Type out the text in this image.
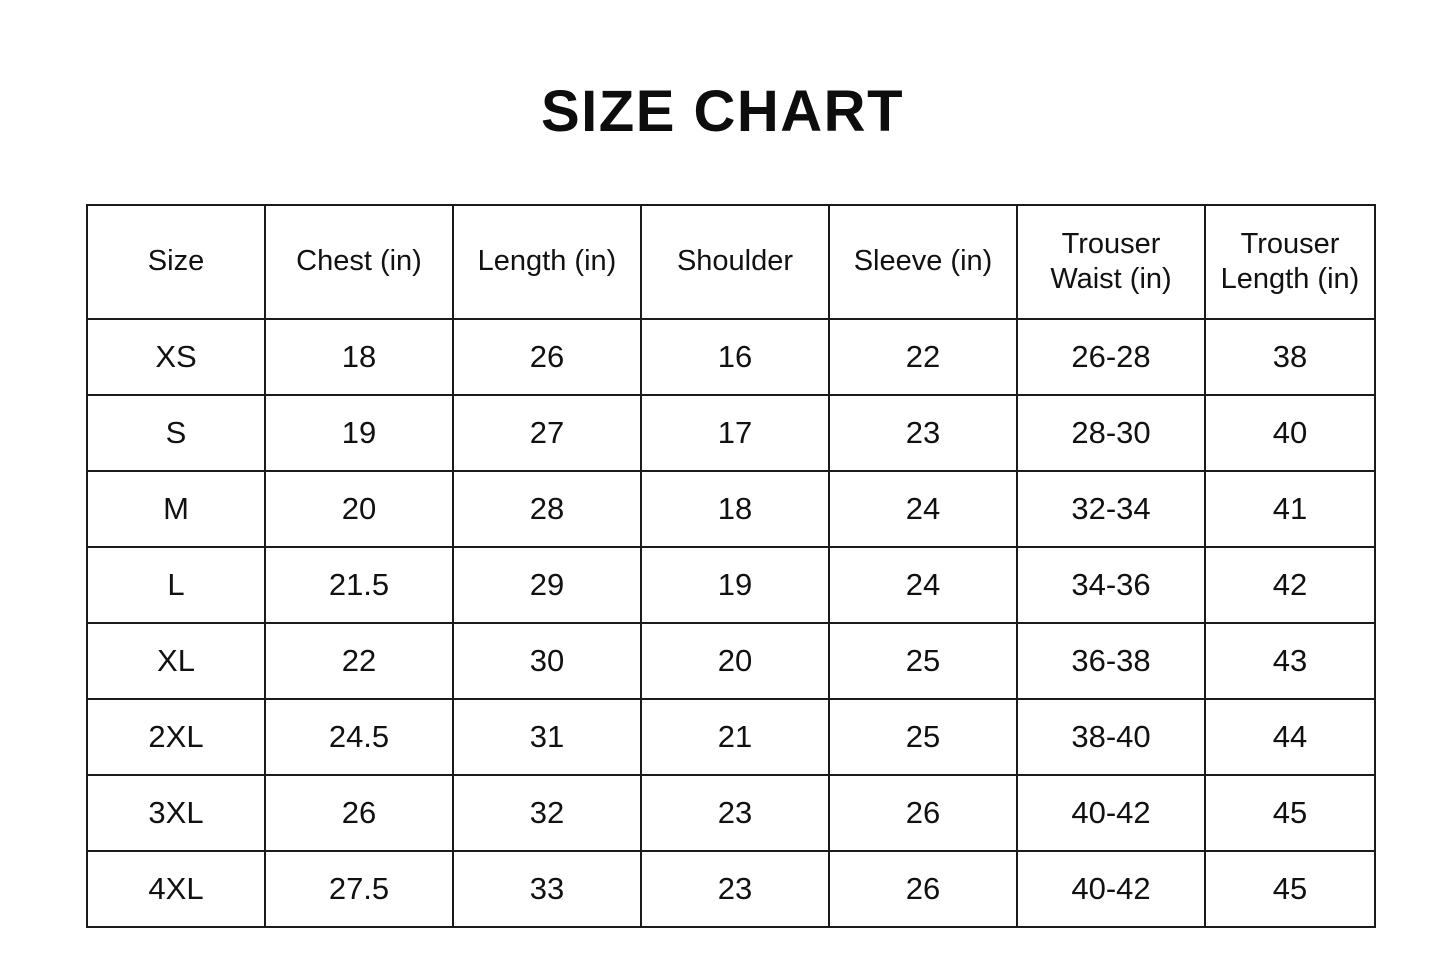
SIZE CHART
Size	Chest (in)	Length (in)	Shoulder	Sleeve (in)	Trouser Waist (in)	Trouser Length (in)
XS	18	26	16	22	26-28	38
S	19	27	17	23	28-30	40
M	20	28	18	24	32-34	41
L	21.5	29	19	24	34-36	42
XL	22	30	20	25	36-38	43
2XL	24.5	31	21	25	38-40	44
3XL	26	32	23	26	40-42	45
4XL	27.5	33	23	26	40-42	45
